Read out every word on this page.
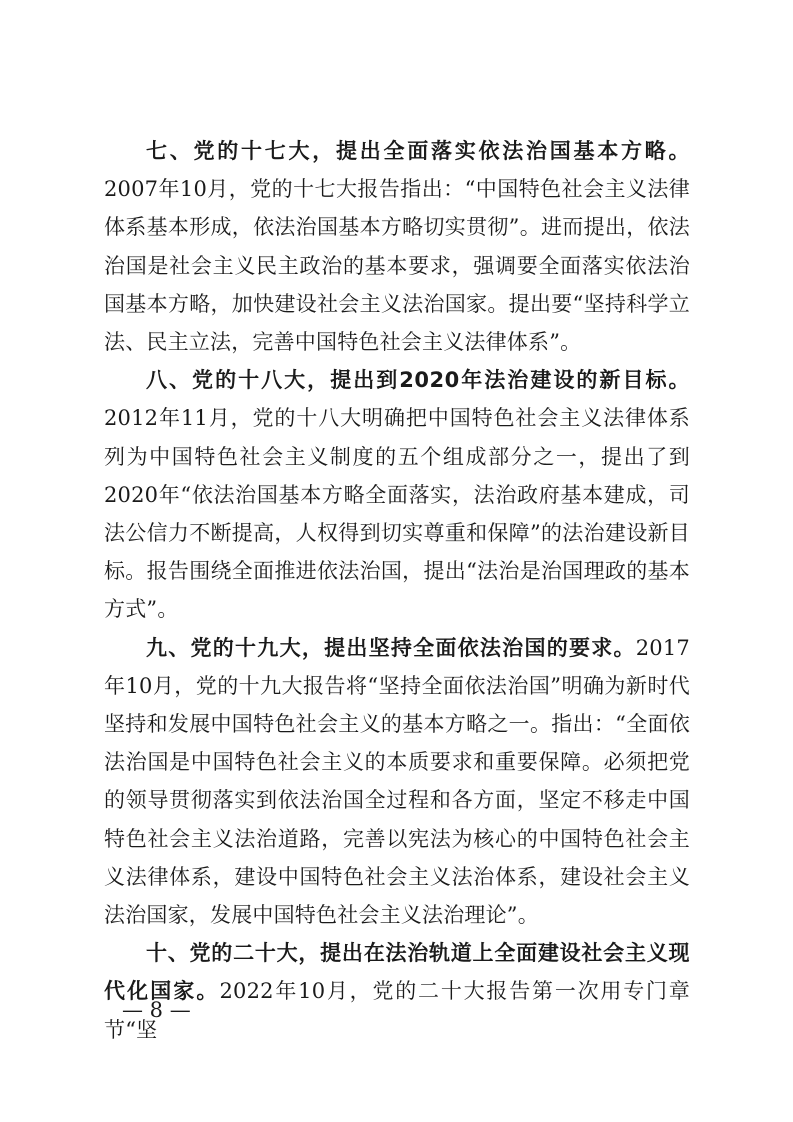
七、党的十七大，提出全面落实依法治国基本方略。2007年10月，党的十七大报告指出：“中国特色社会主义法律体系基本形成，依法治国基本方略切实贯彻”。进而提出，依法治国是社会主义民主政治的基本要求，强调要全面落实依法治国基本方略，加快建设社会主义法治国家。提出要“坚持科学立法、民主立法，完善中国特色社会主义法律体系”。

八、党的十八大，提出到2020年法治建设的新目标。2012年11月，党的十八大明确把中国特色社会主义法律体系列为中国特色社会主义制度的五个组成部分之一，提出了到2020年“依法治国基本方略全面落实，法治政府基本建成，司法公信力不断提高，人权得到切实尊重和保障”的法治建设新目标。报告围绕全面推进依法治国，提出“法治是治国理政的基本方式”。

九、党的十九大，提出坚持全面依法治国的要求。2017年10月，党的十九大报告将“坚持全面依法治国”明确为新时代坚持和发展中国特色社会主义的基本方略之一。指出：“全面依法治国是中国特色社会主义的本质要求和重要保障。必须把党的领导贯彻落实到依法治国全过程和各方面，坚定不移走中国特色社会主义法治道路，完善以宪法为核心的中国特色社会主义法律体系，建设中国特色社会主义法治体系，建设社会主义法治国家，发展中国特色社会主义法治理论”。

十、党的二十大，提出在法治轨道上全面建设社会主义现代化国家。2022年10月，党的二十大报告第一次用专门章节“坚

— 8 —
